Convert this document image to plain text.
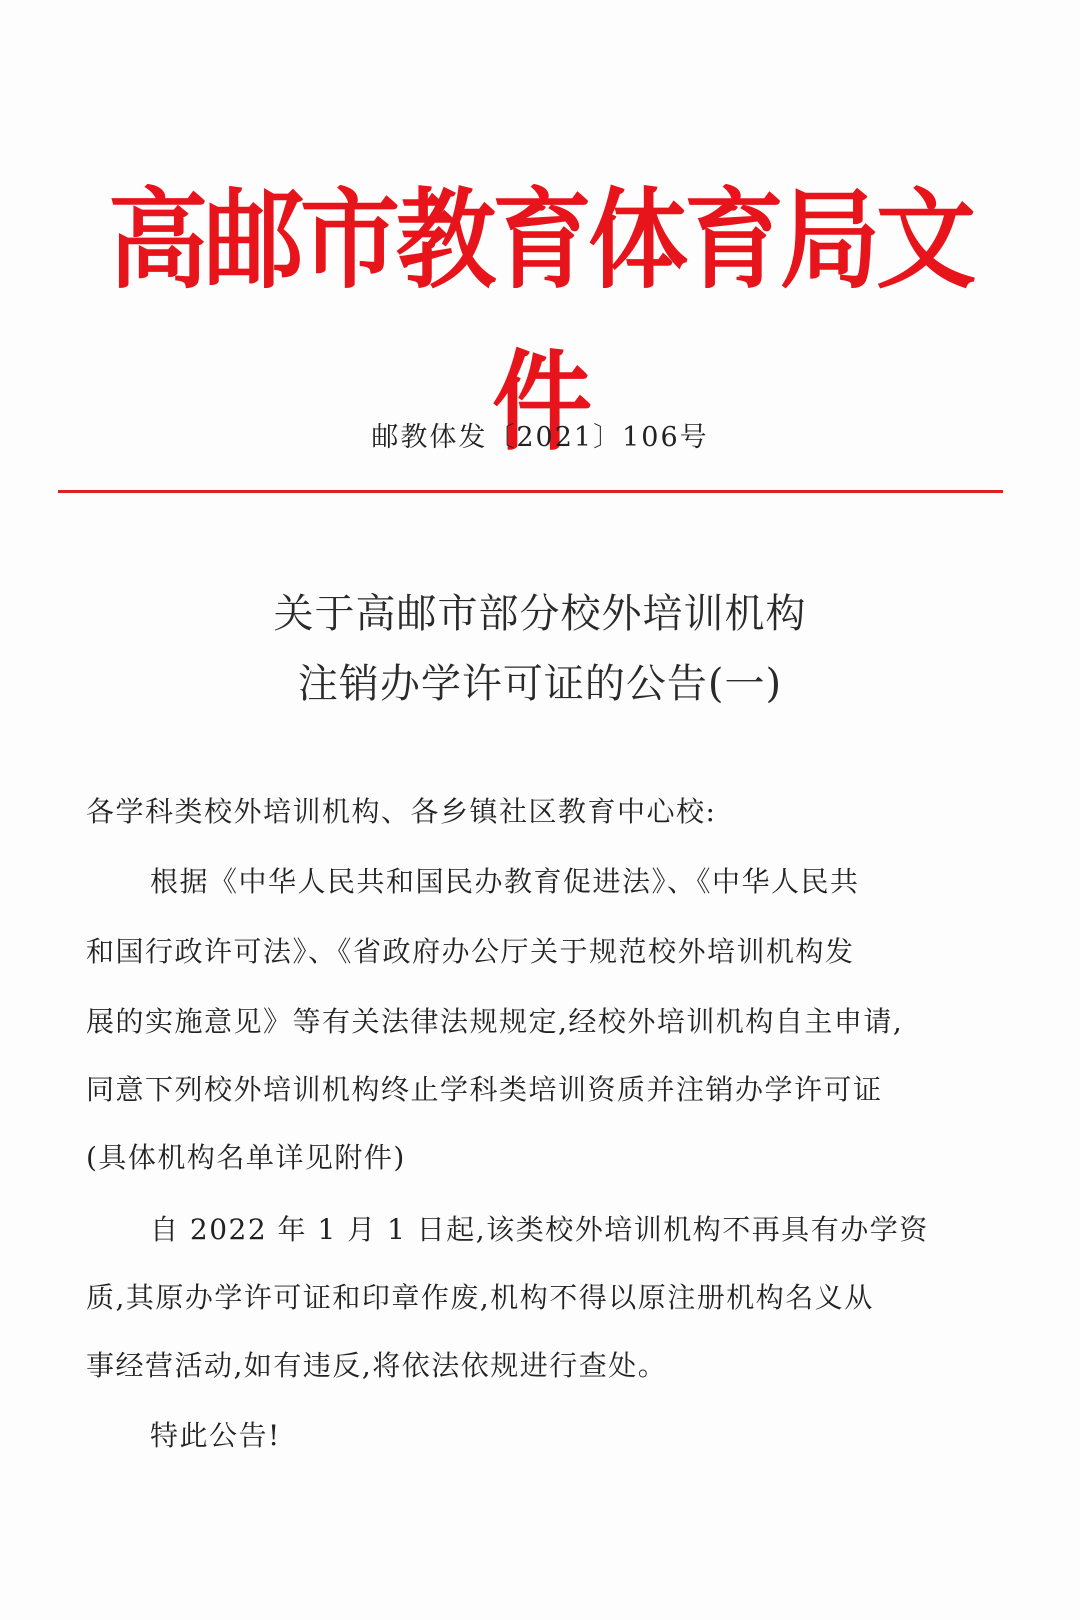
高邮市教育体育局文件
邮教体发〔2021〕106号
关于高邮市部分校外培训机构
注销办学许可证的公告(一)
各学科类校外培训机构、各乡镇社区教育中心校:
根据《中华人民共和国民办教育促进法》、《中华人民共
和国行政许可法》、《省政府办公厅关于规范校外培训机构发
展的实施意见》等有关法律法规规定,经校外培训机构自主申请,
同意下列校外培训机构终止学科类培训资质并注销办学许可证
(具体机构名单详见附件)
自 2022 年 1 月 1 日起,该类校外培训机构不再具有办学资
质,其原办学许可证和印章作废,机构不得以原注册机构名义从
事经营活动,如有违反,将依法依规进行查处。
特此公告!
